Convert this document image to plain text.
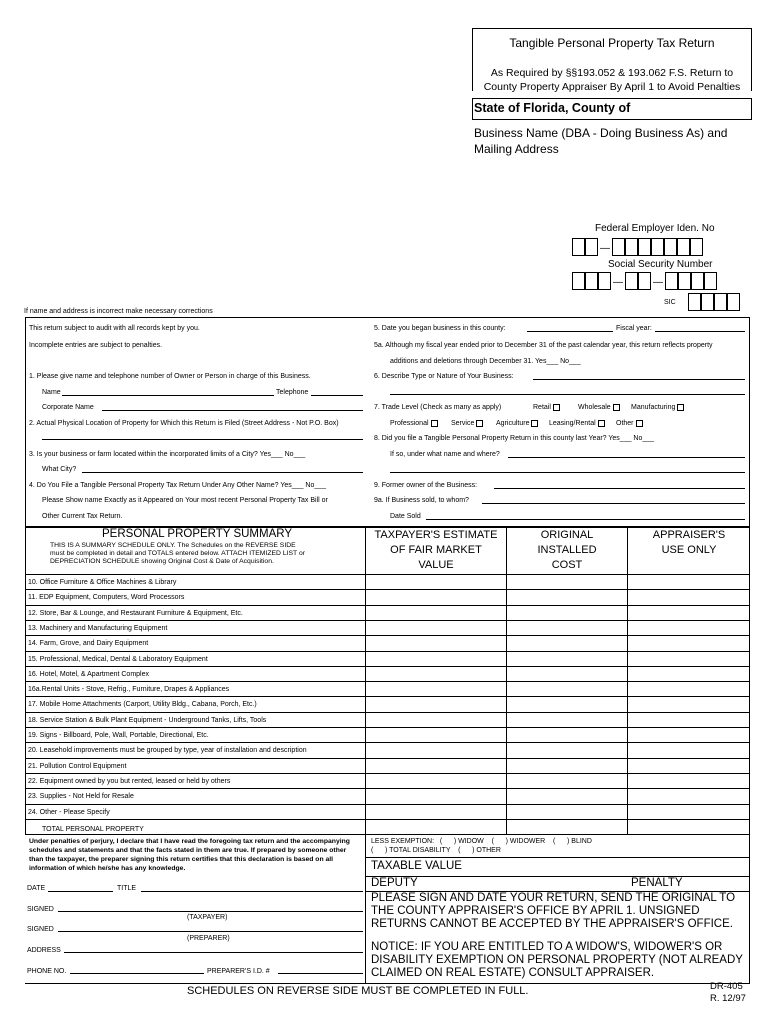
Tangible Personal Property Tax Return
As Required by §§193.052 & 193.062 F.S. Return to
County Property Appraiser By April 1 to Avoid Penalties
State of Florida, County of
Business Name (DBA - Doing Business As) and
Mailing Address
Federal Employer Iden. No
—
Social Security Number
—	—
SIC
If name and address is incorrect make necessary corrections
This return subject to audit with all records kept by you.
Incomplete entries are subject to penalties.
1. Please give name and telephone number of Owner or Person in charge of this Business.
Name	Telephone
Corporate Name
2. Actual Physical Location of Property for Which this Return is Filed (Street Address - Not P.O. Box)
3. Is your business or farm located within the incorporated limits of a City? Yes___ No___
What City?
4. Do You File a Tangible Personal Property Tax Return Under Any Other Name? Yes___ No___
Please Show name Exactly as it Appeared on Your most recent Personal Property Tax Bill or
Other Current Tax Return.
5. Date you began business in this county:	Fiscal year:
5a. Although my fiscal year ended prior to December 31 of the past calendar year, this return reflects property
additions and deletions through December 31. Yes___ No___
6. Describe Type or Nature of Your Business:
7. Trade Level (Check as many as apply)	Retail	Wholesale	Manufacturing
Professional	Service	Agriculture	Leasing/Rental	Other
8. Did you file a Tangible Personal Property Return in this county last Year? Yes___ No___
If so, under what name and where?
9. Former owner of the Business:
9a. If Business sold, to whom?
Date Sold
PERSONAL PROPERTY SUMMARY
THIS IS A SUMMARY SCHEDULE ONLY. The Schedules on the REVERSE SIDE
must be completed in detail and TOTALS entered below. ATTACH ITEMIZED LIST or
DEPRECIATION SCHEDULE showing Original Cost & Date of Acquisition.
TAXPAYER'S ESTIMATE
OF FAIR MARKET
VALUE
ORIGINAL
INSTALLED
COST
APPRAISER'S
USE ONLY
10. Office Furniture & Office Machines & Library
11. EDP Equipment, Computers, Word Processors
12. Store, Bar & Lounge, and Restaurant Furniture & Equipment, Etc.
13. Machinery and Manufacturing Equipment
14. Farm, Grove, and Dairy Equipment
15. Professional, Medical, Dental & Laboratory Equipment
16. Hotel, Motel, & Apartment Complex
16a.Rental Units - Stove, Refrig., Furniture, Drapes & Appliances
17. Mobile Home Attachments (Carport, Utility Bldg., Cabana, Porch, Etc.)
18. Service Station & Bulk Plant Equipment - Underground Tanks, Lifts, Tools
19. Signs - Billboard, Pole, Wall, Portable, Directional, Etc.
20. Leasehold improvements must be grouped by type, year of installation and description
21. Pollution Control Equipment
22. Equipment owned by you but rented, leased or held by others
23. Supplies - Not Held for Resale
24. Other - Please Specify
TOTAL PERSONAL PROPERTY
Under penalties of perjury, I declare that I have read the foregoing tax return and the accompanying schedules and statements and that the facts stated in them are true. If prepared by someone other than the taxpayer, the preparer signing this return certifies that this declaration is based on all information of which he/she has any knowledge.
DATE	TITLE
SIGNED
(TAXPAYER)
SIGNED
(PREPARER)
ADDRESS
PHONE NO.	PREPARER'S I.D. #
LESS EXEMPTION:   (      ) WIDOW    (      ) WIDOWER    (      ) BLIND
(      ) TOTAL DISABILITY    (      ) OTHER
TAXABLE VALUE
DEPUTY	PENALTY
PLEASE SIGN AND DATE YOUR RETURN, SEND THE ORIGINAL TO THE COUNTY APPRAISER'S OFFICE BY APRIL 1. UNSIGNED RETURNS CANNOT BE ACCEPTED BY THE APPRAISER'S OFFICE.
NOTICE: IF YOU ARE ENTITLED TO A WIDOW'S, WIDOWER'S OR DISABILITY EXEMPTION ON PERSONAL PROPERTY (NOT ALREADY CLAIMED ON REAL ESTATE) CONSULT APPRAISER.
SCHEDULES ON REVERSE SIDE MUST BE COMPLETED IN FULL.	DR-405
R. 12/97
